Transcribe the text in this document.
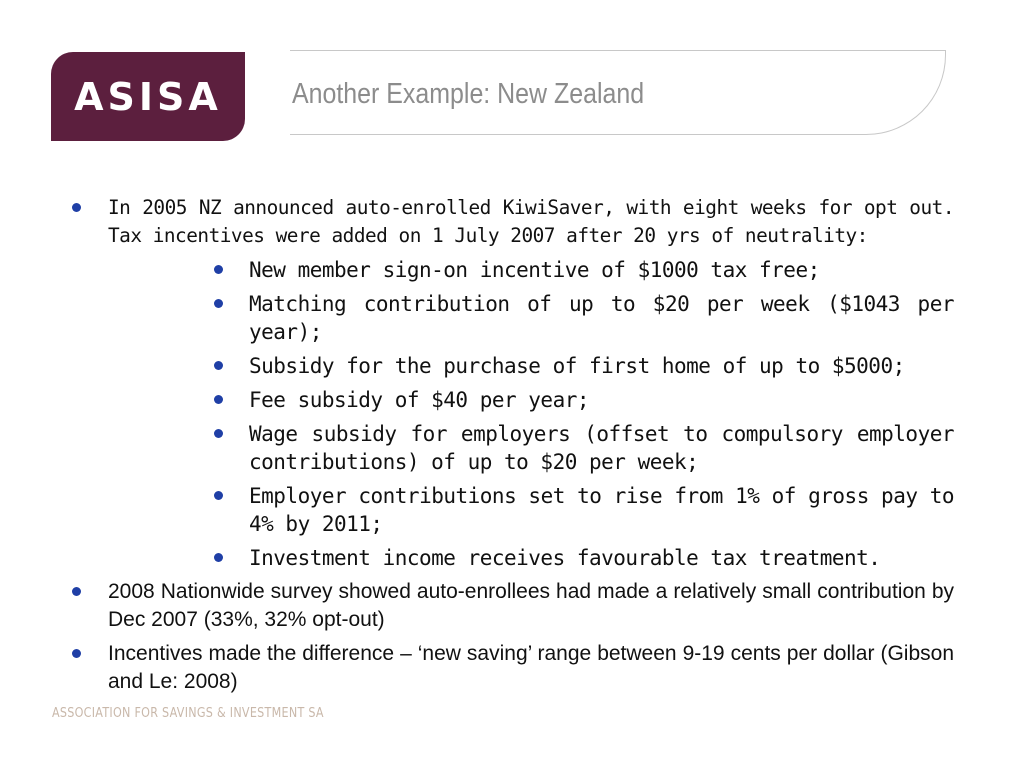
ASISA Another Example: New Zealand
In 2005 NZ announced auto-enrolled KiwiSaver, with eight weeks for opt out. Tax incentives were added on 1 July 2007 after 20 yrs of neutrality:
New member sign-on incentive of $1000 tax free;
Matching contribution of up to $20 per week ($1043 per year);
Subsidy for the purchase of first home of up to $5000;
Fee subsidy of $40 per year;
Wage subsidy for employers (offset to compulsory employer contributions) of up to $20 per week;
Employer contributions set to rise from 1% of gross pay to 4% by 2011;
Investment income receives favourable tax treatment.
2008 Nationwide survey showed auto-enrollees had made a relatively small contribution by Dec 2007 (33%, 32% opt-out)
Incentives made the difference – ‘new saving’ range between 9-19 cents per dollar (Gibson and Le: 2008)
ASSOCIATION FOR SAVINGS & INVESTMENT SA
